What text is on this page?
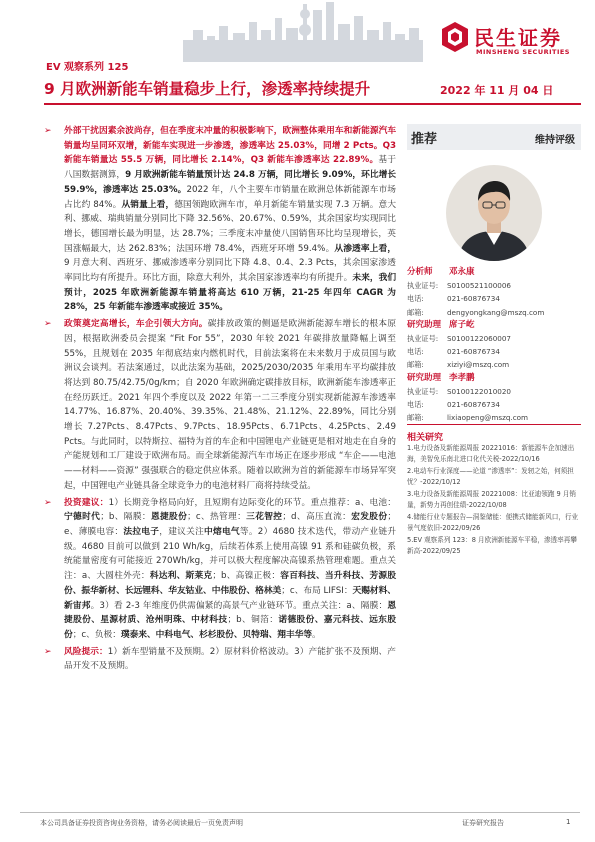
民生证券
MINSHENG SECURITIES
EV 观察系列 125
9 月欧洲新能车销量稳步上行，渗透率持续提升	2022 年 11 月 04 日
➢ 外部干扰因素余波尚存，但在季度末冲量的积极影响下，欧洲整体乘用车和新能源汽车销量均呈同环双增，新能车实现进一步渗透，渗透率达 25.03%，同增 2 Pcts。Q3 新能车销量达 55.5 万辆，同比增长 2.14%，Q3 新能车渗透率达 22.89%。基于八国数据测算，9 月欧洲新能车销量预计达 24.8 万辆，同比增长 9.09%，环比增长 59.9%，渗透率达 25.03%。2022 年，八个主要车市销量在欧洲总体新能源车市场占比约 84%。从销量上看，德国领跑欧洲车市，单月新能车销量实现 7.3 万辆。意大利、挪威、瑞典销量分别同比下降 32.56%、20.67%、0.59%，其余国家均实现同比增长，德国增长最为明显，达 28.7%；三季度末冲量使八国销售环比均呈现增长，英国涨幅最大，达 262.83%；法国环增 78.4%，西班牙环增 59.4%。从渗透率上看，9 月意大利、西班牙、挪威渗透率分别同比下降 4.8、0.4、2.3 Pcts，其余国家渗透率同比均有所提升。环比方面，除意大利外，其余国家渗透率均有所提升。未来，我们预计，2025 年欧洲新能源车销量将高达 610 万辆，21-25 年四年 CAGR 为 28%，25 年新能车渗透率或接近 35%。
➢ 政策奠定高增长，车企引领大方向。碳排放政策的侧逼是欧洲新能源车增长的根本原因，根据欧洲委员会提案 “Fit For 55”，2030 年较 2021 年碳排放量降幅上调至 55%，且规划在 2035 年彻底结束内燃机时代，目前法案将在未来数月于成员国与欧洲议会谈判。若法案通过，以此法案为基础，2025/2030/2035 年乘用车平均碳排放将达到 80.75/42.75/0g/km；自 2020 年欧洲确定碳排放目标，欧洲新能车渗透率正在经历跃迁。2021 年四个季度以及 2022 年第一二三季度分别实现新能源车渗透率 14.77%、16.87%、20.40%、39.35%、21.48%、21.12%、22.89%，同比分别增长 7.27Pcts、8.47Pcts、9.7Pcts、18.95Pcts、6.71Pcts、4.25Pcts、2.49 Pcts。与此同时，以特斯拉、福特为首的车企和中国锂电产业链更是相对地走在自身的产能规划和工厂建设于欧洲布局。而全球新能源汽车市场正在逐步形成 “车企——电池——材料——资源” 强强联合的稳定供应体系。随着以欧洲为首的新能源车市场异军突起，中国锂电产业链具备全球竞争力的电池材料厂商将持续受益。
➢ 投资建议：1）长期竞争格局向好，且短期有边际变化的环节。重点推荐：a、电池：宁德时代；b、隔膜：恩捷股份；c、热管理：三花智控；d、高压直流：宏发股份；e、薄膜电容：法拉电子，建议关注中熔电气等。2）4680 技术迭代，带动产业链升级。4680 目前可以做到 210 Wh/kg，后续若体系上使用高镍 91 系和硅碳负极，系统能量密度有可能接近 270Wh/kg，并可以极大程度解决高镍系热管理难题。重点关注：a、大圆柱外壳：科达利、斯莱克；b、高镍正极：容百科技、当升科技、芳源股份、振华新材、长远锂科、华友钴业、中伟股份、格林美；c、布局 LIFSI：天赐材料、新宙邦。3）看 2-3 年维度仍供需偏紧的高景气产业链环节。重点关注：a、隔膜：恩捷股份、星源材质、沧州明珠、中材科技；b、铜箔：诺德股份、嘉元科技、远东股份；c、负极：璞泰来、中科电气、杉杉股份、贝特瑞、翔丰华等。
➢ 风险提示：1）新车型销量不及预期。2）原材料价格波动。3）产能扩张不及预期、产品开发不及预期。
推荐	维持评级
分析师 邓永康
执业证号: S0100521100006
电话:	021-60876734
邮箱:	dengyongkang@mszq.com
研究助理 席子屹
执业证号: S0100122060007
电话:	021-60876734
邮箱:	xiziyi@mszq.com
研究助理 李孝鹏
执业证号: S0100122010020
电话:	021-60876734
邮箱:	lixiaopeng@mszq.com
相关研究
1.电力设备及新能源周报 20221016：新能源车企加速出海，美智免乐南北进口化代关税-2022/10/16
2.电动车行业深度——论道 “渗透率”：发轫之始，何须担忧？-2022/10/12
3.电力设备及新能源周报 20221008：比亚迪领跑 9 月销量，新势力再创佳绩-2022/10/08
4.储能行业专题报告—洞鉴储能：便携式储能新风口，行业景气度依旧-2022/09/26
5.EV 观察系列 123：8 月欧洲新能源车平稳，渗透率再攀新高-2022/09/25
本公司具备证券投资咨询业务资格，请务必阅读最后一页免责声明	证券研究报告	1
